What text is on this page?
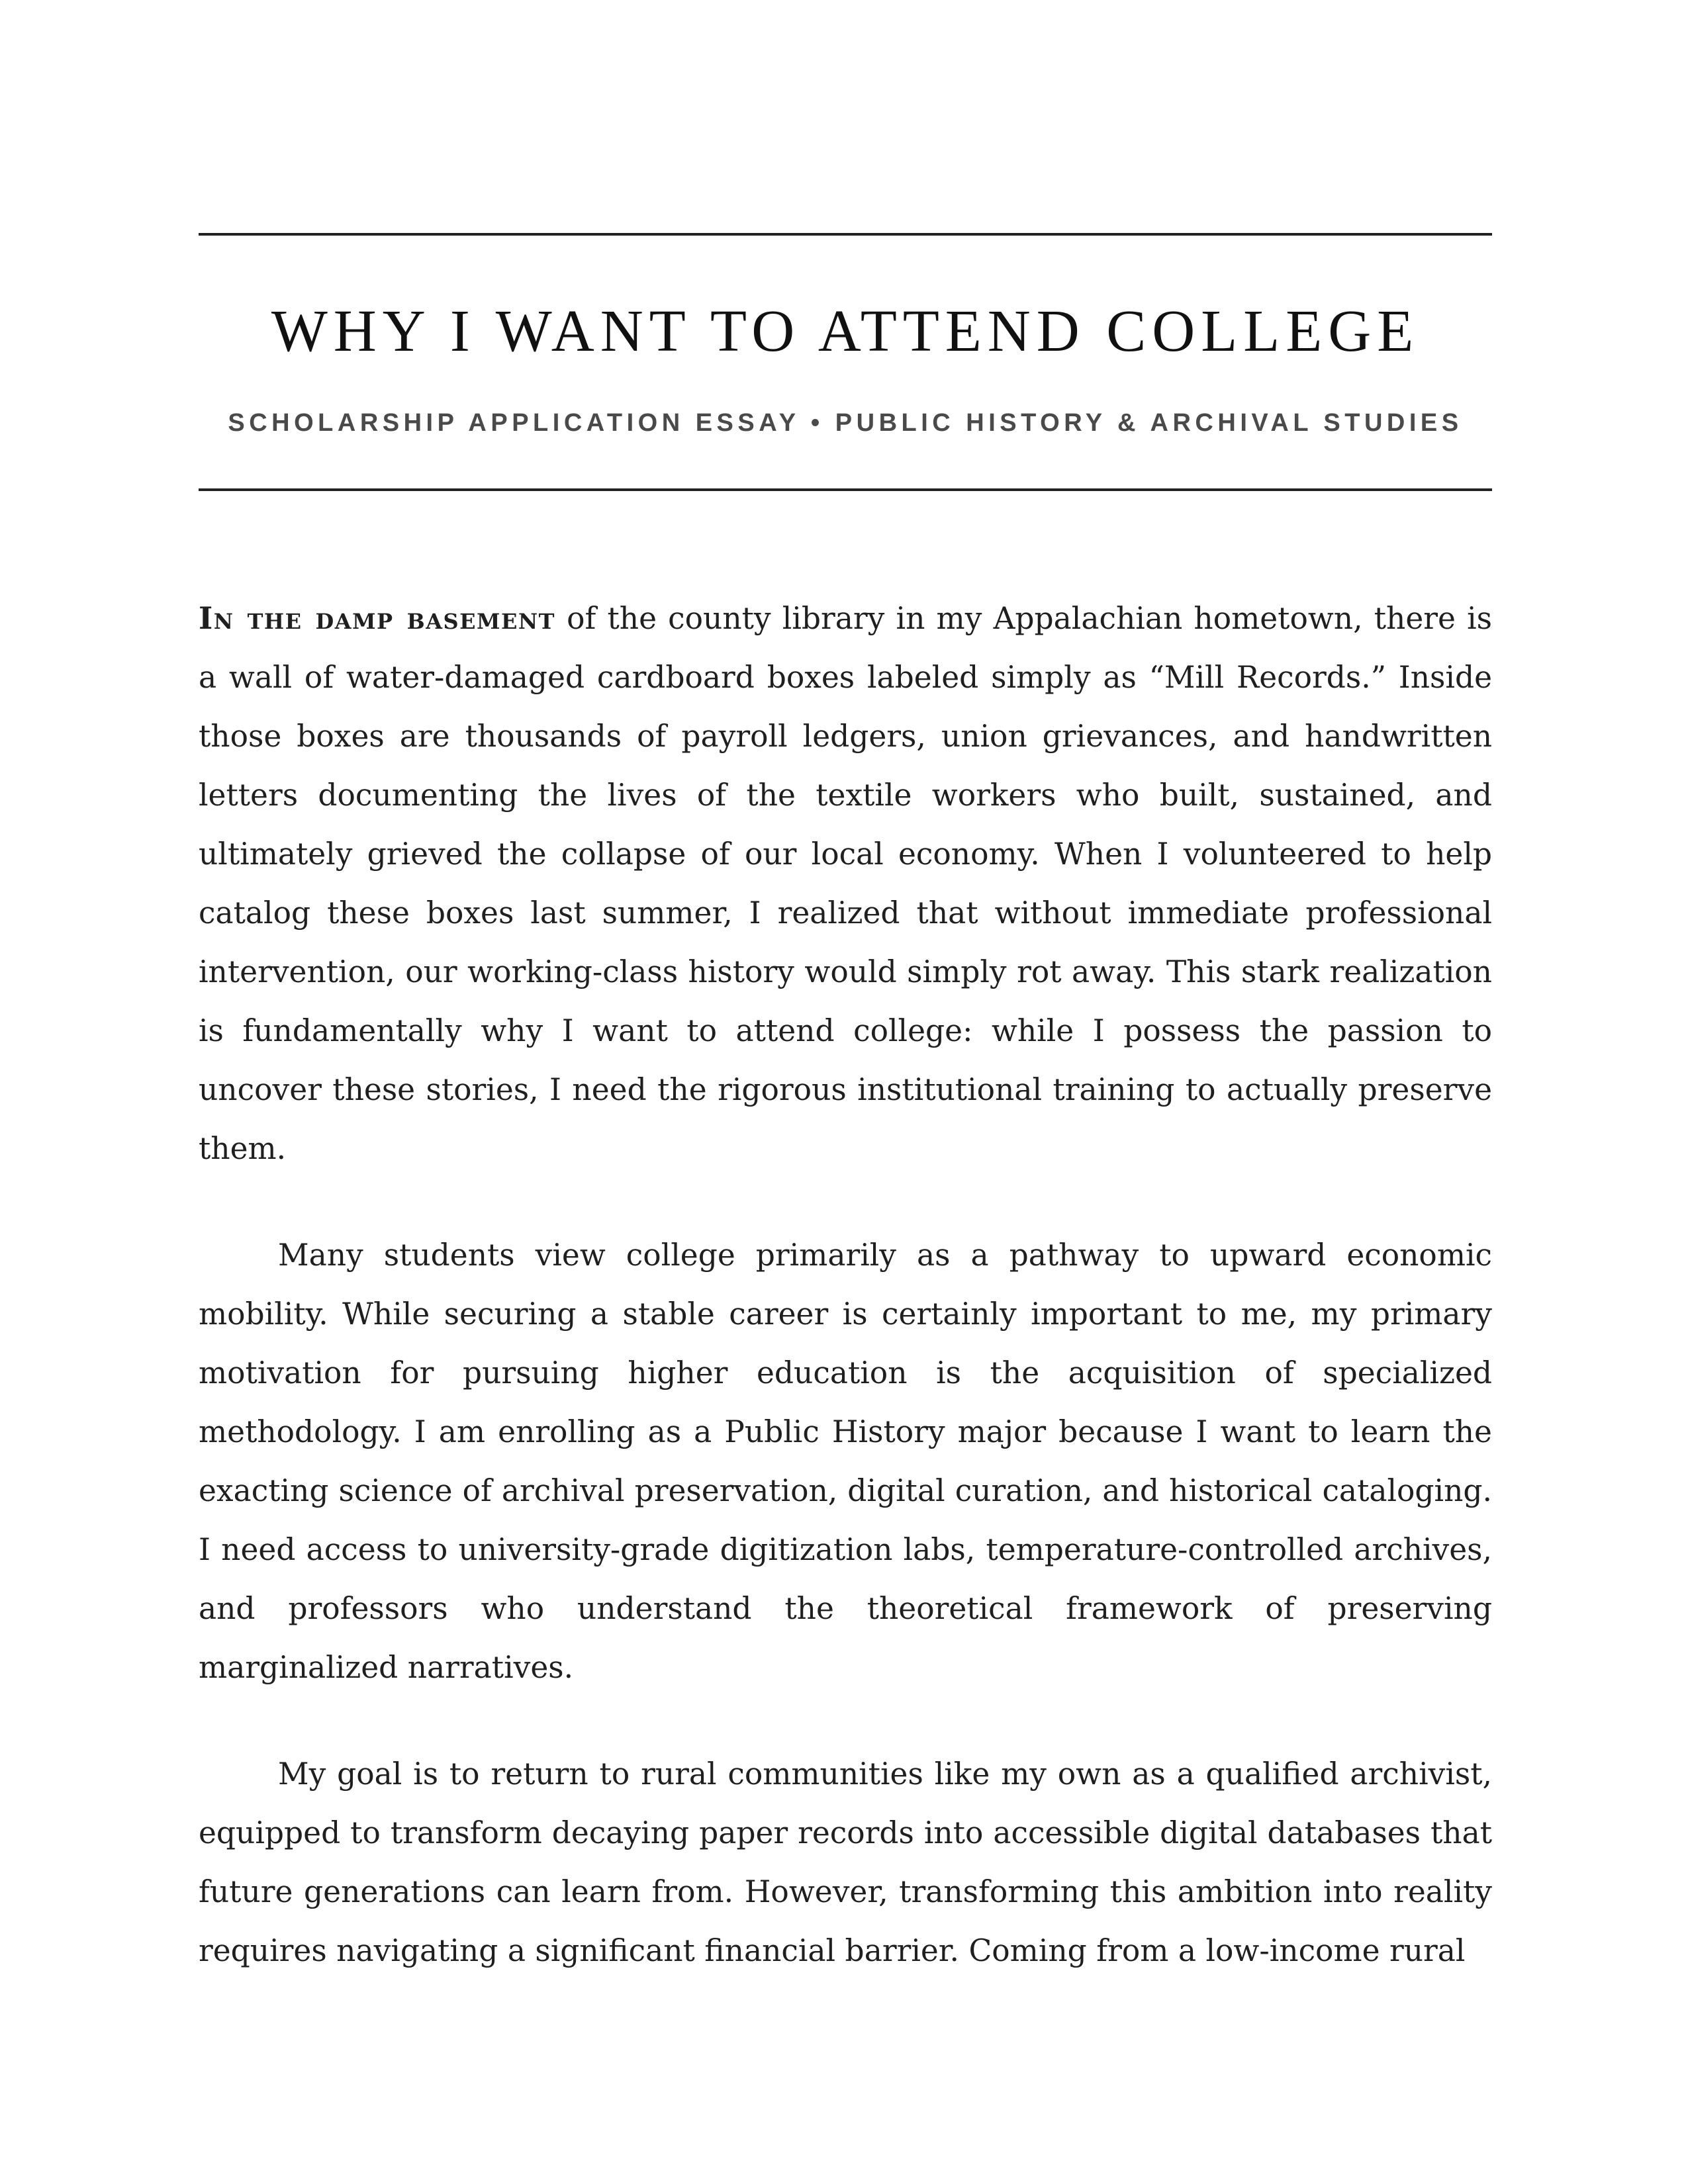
WHY I WANT TO ATTEND COLLEGE

SCHOLARSHIP APPLICATION ESSAY • PUBLIC HISTORY & ARCHIVAL STUDIES

In the damp basement of the county library in my Appalachian hometown, there is a wall of water-damaged cardboard boxes labeled simply as “Mill Records.” Inside those boxes are thousands of payroll ledgers, union grievances, and handwritten letters documenting the lives of the textile workers who built, sustained, and ultimately grieved the collapse of our local economy. When I volunteered to help catalog these boxes last summer, I realized that without immediate professional intervention, our working-class history would simply rot away. This stark realization is fundamentally why I want to attend college: while I possess the passion to uncover these stories, I need the rigorous institutional training to actually preserve them.

Many students view college primarily as a pathway to upward economic mobility. While securing a stable career is certainly important to me, my primary motivation for pursuing higher education is the acquisition of specialized methodology. I am enrolling as a Public History major because I want to learn the exacting science of archival preservation, digital curation, and historical cataloging. I need access to university-grade digitization labs, temperature-controlled archives, and professors who understand the theoretical framework of preserving marginalized narratives.

My goal is to return to rural communities like my own as a qualified archivist, equipped to transform decaying paper records into accessible digital databases that future generations can learn from. However, transforming this ambition into reality requires navigating a significant financial barrier. Coming from a low-income rural
